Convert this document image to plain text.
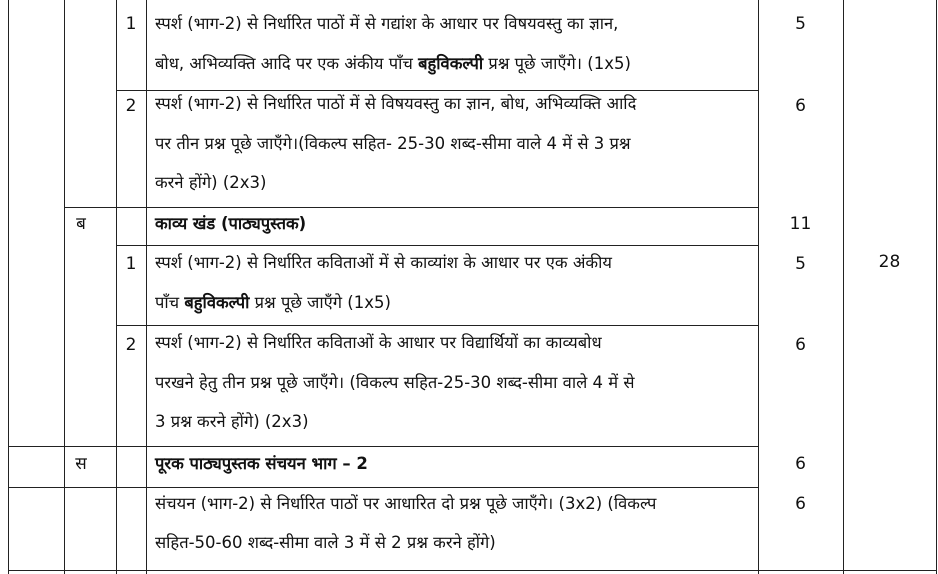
1	स्पर्श (भाग-2) से निर्धारित पाठों में से गद्यांश के आधार पर विषयवस्तु का ज्ञान,
बोध, अभिव्यक्ति आदि पर एक अंकीय पाँच बहुविकल्पी प्रश्न पूछे जाएँगे। (1x5)
5
2	स्पर्श (भाग-2) से निर्धारित पाठों में से विषयवस्तु का ज्ञान, बोध, अभिव्यक्ति आदि
पर तीन प्रश्न पूछे जाएँगे।(विकल्प सहित- 25-30 शब्द-सीमा वाले 4 में से 3 प्रश्न
करने होंगे) (2x3)
6
ब	काव्य खंड (पाठ्यपुस्तक)	11
1	स्पर्श (भाग-2) से निर्धारित कविताओं में से काव्यांश के आधार पर एक अंकीय
पाँच बहुविकल्पी प्रश्न पूछे जाएँगे (1x5)
5	28
2	स्पर्श (भाग-2) से निर्धारित कविताओं के आधार पर विद्यार्थियों का काव्यबोध
परखने हेतु तीन प्रश्न पूछे जाएँगे। (विकल्प सहित-25-30 शब्द-सीमा वाले 4 में से
3 प्रश्न करने होंगे) (2x3)
6
स	पूरक पाठ्यपुस्तक संचयन भाग – 2	6
संचयन (भाग-2) से निर्धारित पाठों पर आधारित दो प्रश्न पूछे जाएँगे। (3x2) (विकल्प
सहित-50-60 शब्द-सीमा वाले 3 में से 2 प्रश्न करने होंगे)
6
